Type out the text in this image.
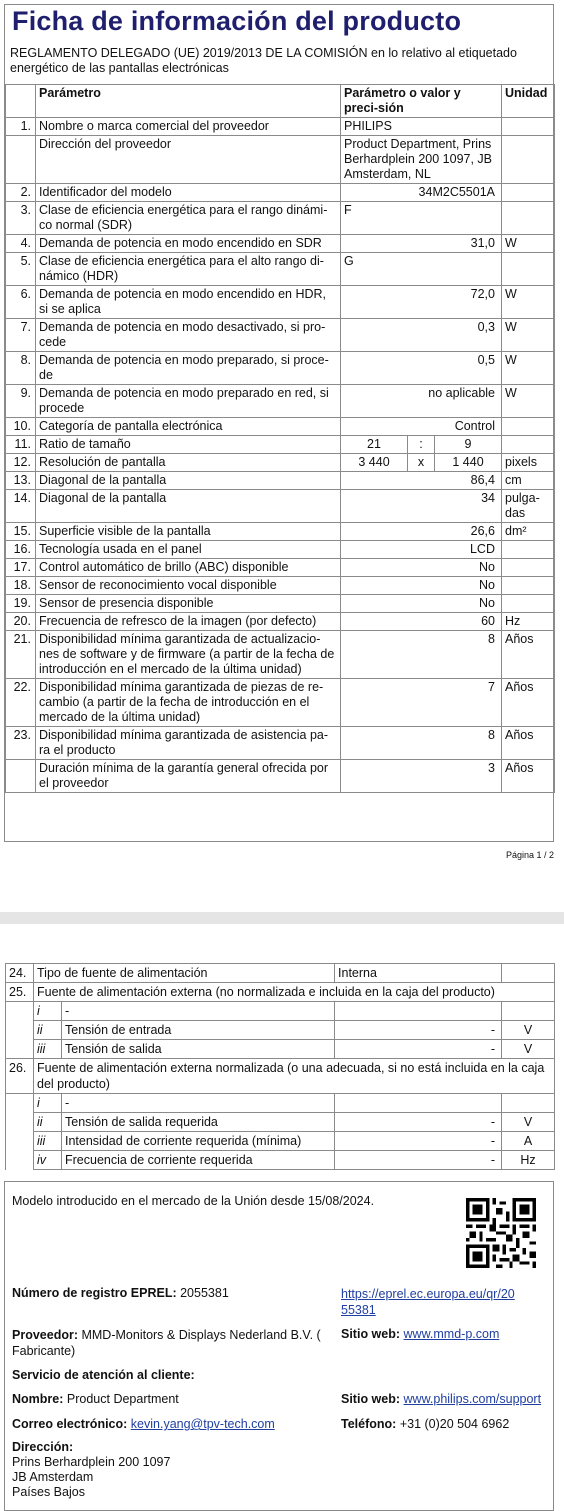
Ficha de información del producto
REGLAMENTO DELEGADO (UE) 2019/2013 DE LA COMISIÓN en lo relativo al etiquetado energético de las pantallas electrónicas
	Parámetro	Parámetro o valor y preci-sión			Unidad
1.	Nombre o marca comercial del proveedor	PHILIPS			
	Dirección del proveedor	Product Department, Prins Berhardplein 200 1097, JB Amsterdam, NL			
2.	Identificador del modelo	34M2C5501A			
3.	Clase de eficiencia energética para el rango dinámi-co normal (SDR)	F			
4.	Demanda de potencia en modo encendido en SDR	31,0			W
5.	Clase de eficiencia energética para el alto rango di-námico (HDR)	G			
6.	Demanda de potencia en modo encendido en HDR, si se aplica	72,0			W
7.	Demanda de potencia en modo desactivado, si pro-cede	0,3			W
8.	Demanda de potencia en modo preparado, si proce-de	0,5			W
9.	Demanda de potencia en modo preparado en red, si procede	no aplicable			W
10.	Categoría de pantalla electrónica	Control			
11.	Ratio de tamaño	21	:	9	
12.	Resolución de pantalla	3 440	x	1 440	pixels
13.	Diagonal de la pantalla	86,4			cm
14.	Diagonal de la pantalla	34			pulga-das
15.	Superficie visible de la pantalla	26,6			dm²
16.	Tecnología usada en el panel	LCD			
17.	Control automático de brillo (ABC) disponible	No			
18.	Sensor de reconocimiento vocal disponible	No			
19.	Sensor de presencia disponible	No			
20.	Frecuencia de refresco de la imagen (por defecto)	60			Hz
21.	Disponibilidad mínima garantizada de actualizacio-nes de software y de firmware (a partir de la fecha de introducción en el mercado de la última unidad)	8			Años
22.	Disponibilidad mínima garantizada de piezas de re-cambio (a partir de la fecha de introducción en el mercado de la última unidad)	7			Años
23.	Disponibilidad mínima garantizada de asistencia pa-ra el producto	8			Años
	Duración mínima de la garantía general ofrecida por el proveedor	3			Años
Página 1 / 2
24.	Tipo de fuente de alimentación		Interna	
25.	Fuente de alimentación externa (no normalizada e incluida en la caja del producto)			
	i	-		
	ii	Tensión de entrada	-	V
	iii	Tensión de salida	-	V
26.	Fuente de alimentación externa normalizada (o una adecuada, si no está incluida en la caja del producto)			
	i	-		
	ii	Tensión de salida requerida	-	V
	iii	Intensidad de corriente requerida (mínima)	-	A
	iv	Frecuencia de corriente requerida	-	Hz
Modelo introducido en el mercado de la Unión desde 15/08/2024.
Número de registro EPREL: 2055381	https://eprel.ec.europa.eu/qr/20
55381
Proveedor: MMD-Monitors & Displays Nederland B.V. (
Fabricante)
Sitio web: www.mmd-p.com
Servicio de atención al cliente:
Nombre: Product Department	Sitio web: www.philips.com/support
Correo electrónico: kevin.yang@tpv-tech.com	Teléfono: +31 (0)20 504 6962
Dirección:
Prins Berhardplein 200 1097
JB Amsterdam
Países Bajos
